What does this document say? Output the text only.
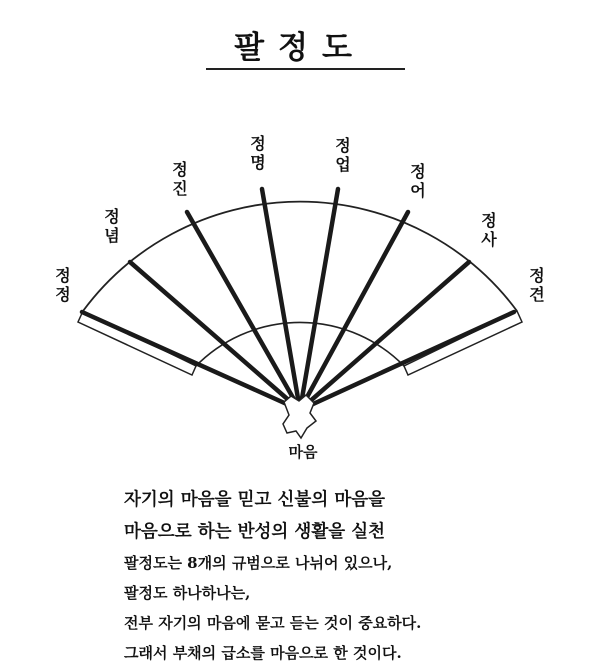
팔정도
정견
정사
정어
정업
정명
정진
정념
정정
마음
자기의 마음을 믿고 신불의 마음을
마음으로 하는 반성의 생활을 실천
팔정도는 8개의 규범으로 나뉘어 있으나,
팔정도 하나하나는,
전부 자기의 마음에 묻고 듣는 것이 중요하다.
그래서 부채의 급소를 마음으로 한 것이다.
